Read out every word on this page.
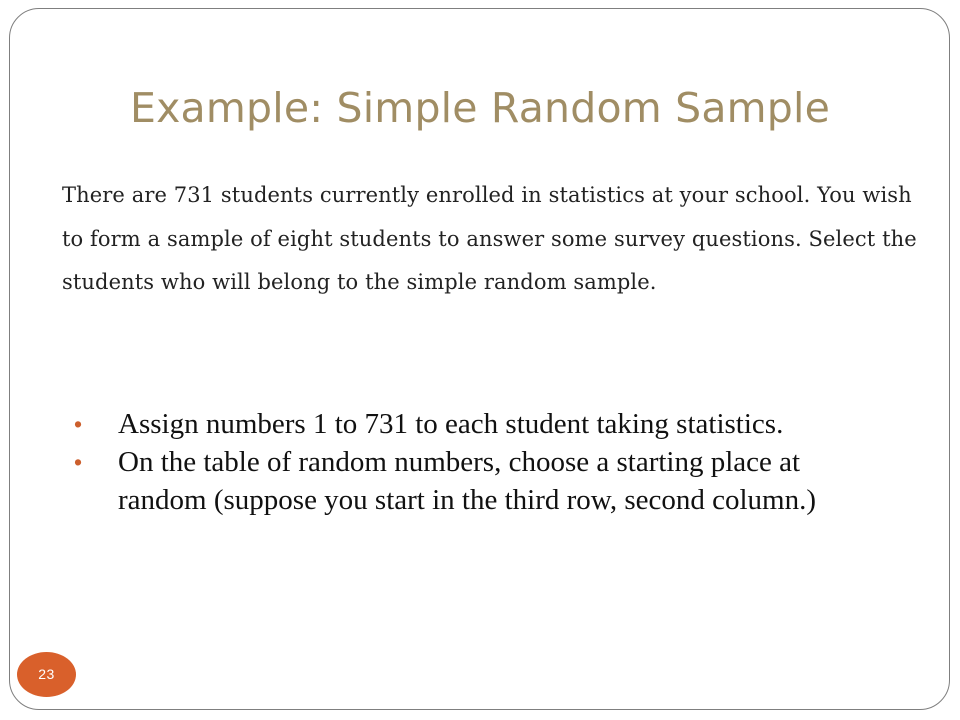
Example: Simple Random Sample
There are 731 students currently enrolled in statistics at your school. You wish to form a sample of eight students to answer some survey questions. Select the students who will belong to the simple random sample.
• Assign numbers 1 to 731 to each student taking statistics.
• On the table of random numbers, choose a starting place at random (suppose you start in the third row, second column.)
23
